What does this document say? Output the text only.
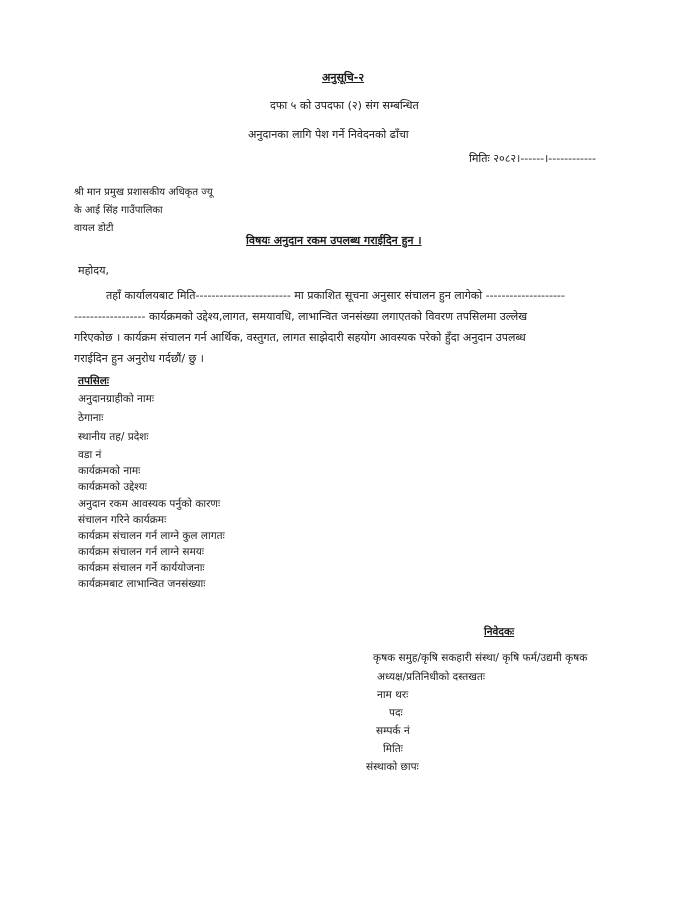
अनुसूचि-२
दफा ५ को उपदफा (२) संग सम्बन्धित
अनुदानका लागि पेश गर्ने निवेदनको ढाँचा
मितिः २०८२।------।------------
श्री मान प्रमुख प्रशासकीय अधिकृत ज्यू
के आई सिंह गाउँपालिका
वायल डोटी
विषयः अनुदान रकम उपलब्ध गराईदिन हुन ।
महोदय,

तहाँ कार्यालयबाट मिति------------------------ मा प्रकाशित सूचना अनुसार संचालन हुन लागेको --------------------

------------------ कार्यक्रमको उद्देश्य,लागत, समयावधि, लाभान्वित जनसंख्या लगाएतको विवरण तपसिलमा उल्लेख

गरिएकोछ । कार्यक्रम संचालन गर्न आर्थिक, वस्तुगत, लागत साझेदारी सहयोग आवस्यक परेको हुँदा अनुदान उपलब्ध

गराईदिन हुन अनुरोध गर्दछौं/ छु ।

तपसिलः
अनुदानग्राहीको नामः
ठेगानाः
स्थानीय तह/ प्रदेशः
वडा नं
कार्यक्रमको नामः
कार्यक्रमको उद्देश्यः
अनुदान रकम आवस्यक पर्नुको कारणः
संचालन गरिने कार्यक्रमः
कार्यक्रम संचालन गर्न लाग्ने कुल लागतः
कार्यक्रम संचालन गर्न लाग्ने समयः
कार्यक्रम संचालन गर्ने कार्ययोजनाः
कार्यक्रमबाट लाभान्वित जनसंख्याः
निवेदकः
कृषक समुह/कृषि सकहारी संस्था/ कृषि फर्म/उद्यमी कृषक
अध्यक्ष/प्रतिनिधीको दस्तखतः
नाम थरः
पदः
सम्पर्क नं
मितिः
संस्थाको छापः
